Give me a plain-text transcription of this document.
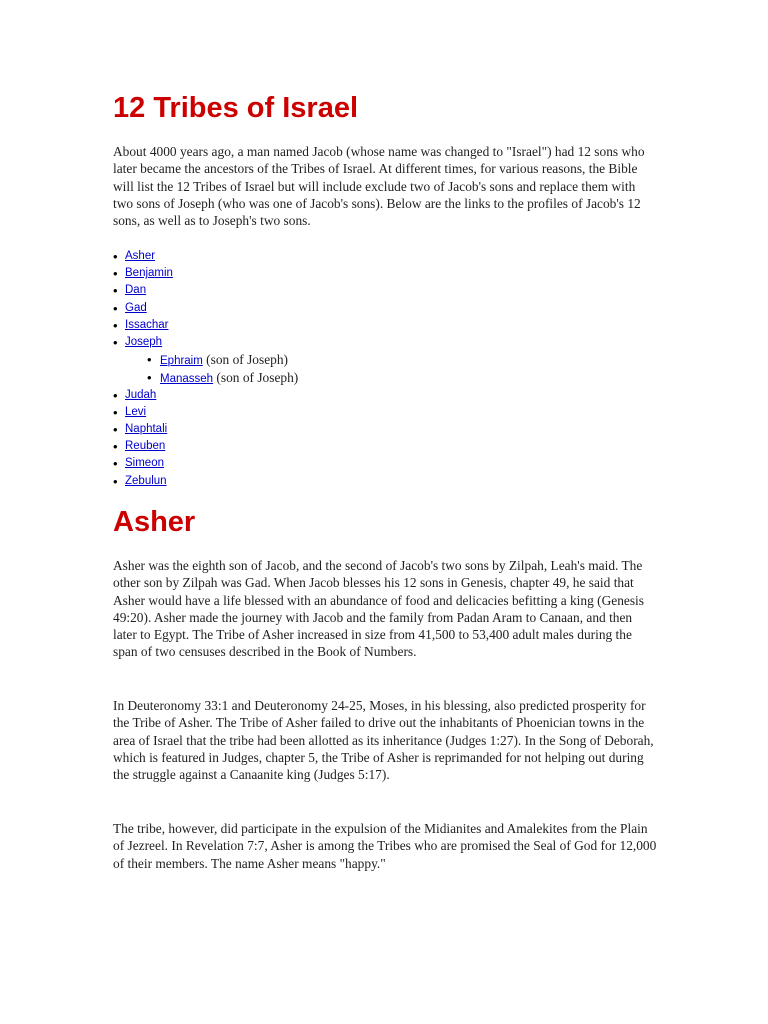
12 Tribes of Israel

About 4000 years ago, a man named Jacob (whose name was changed to "Israel") had 12 sons who later became the ancestors of the Tribes of Israel. At different times, for various reasons, the Bible will list the 12 Tribes of Israel but will include exclude two of Jacob's sons and replace them with two sons of Joseph (who was one of Jacob's sons). Below are the links to the profiles of Jacob's 12 sons, as well as to Joseph's two sons.

• Asher
• Benjamin
• Dan
• Gad
• Issachar
• Joseph
• Ephraim (son of Joseph)
• Manasseh (son of Joseph)
• Judah
• Levi
• Naphtali
• Reuben
• Simeon
• Zebulun
Asher

Asher was the eighth son of Jacob, and the second of Jacob's two sons by Zilpah, Leah's maid. The other son by Zilpah was Gad. When Jacob blesses his 12 sons in Genesis, chapter 49, he said that Asher would have a life blessed with an abundance of food and delicacies befitting a king (Genesis 49:20). Asher made the journey with Jacob and the family from Padan Aram to Canaan, and then later to Egypt. The Tribe of Asher increased in size from 41,500 to 53,400 adult males during the span of two censuses described in the Book of Numbers.

In Deuteronomy 33:1 and Deuteronomy 24-25, Moses, in his blessing, also predicted prosperity for the Tribe of Asher. The Tribe of Asher failed to drive out the inhabitants of Phoenician towns in the area of Israel that the tribe had been allotted as its inheritance (Judges 1:27). In the Song of Deborah, which is featured in Judges, chapter 5, the Tribe of Asher is reprimanded for not helping out during the struggle against a Canaanite king (Judges 5:17).

The tribe, however, did participate in the expulsion of the Midianites and Amalekites from the Plain of Jezreel. In Revelation 7:7, Asher is among the Tribes who are promised the Seal of God for 12,000 of their members. The name Asher means "happy."
